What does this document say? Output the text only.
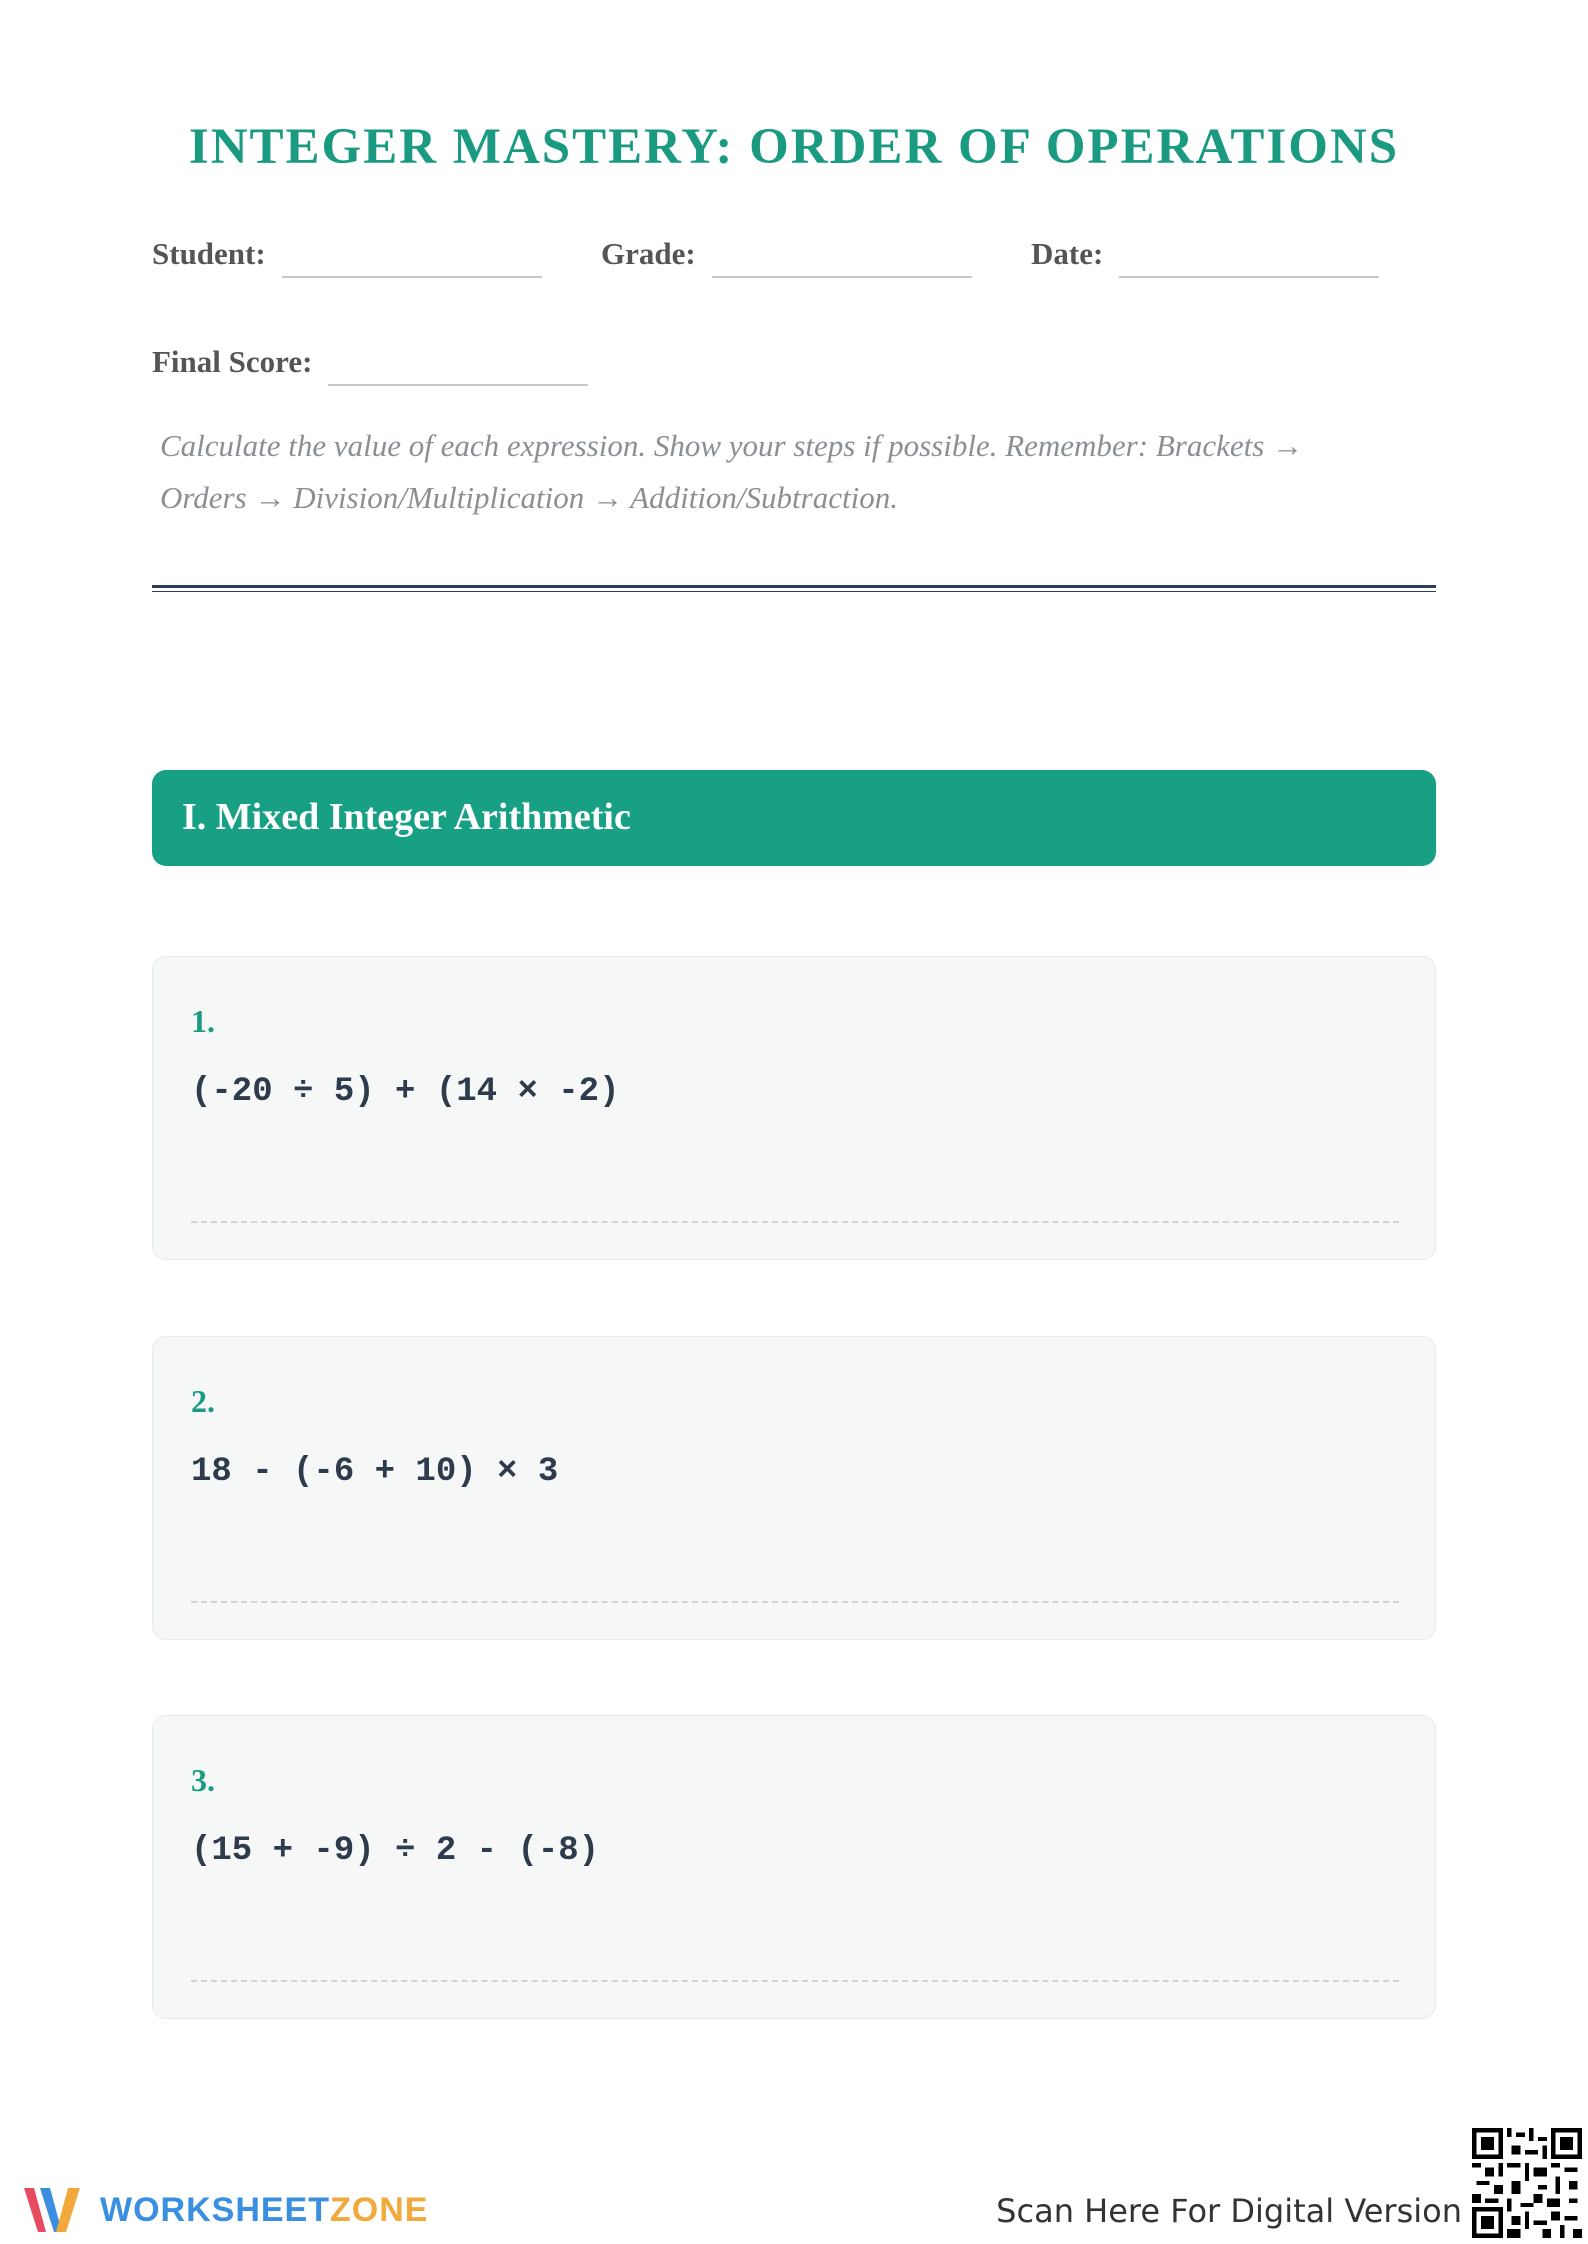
INTEGER MASTERY: ORDER OF OPERATIONS
Student:	Grade:	Date:
Final Score:
Calculate the value of each expression. Show your steps if possible. Remember: Brackets → Orders → Division/Multiplication → Addition/Subtraction.
I. Mixed Integer Arithmetic
1.
(-20 ÷ 5) + (14 × -2)
2.
18 - (-6 + 10) × 3
3.
(15 + -9) ÷ 2 - (-8)
WORKSHEETZONE	Scan Here For Digital Version
